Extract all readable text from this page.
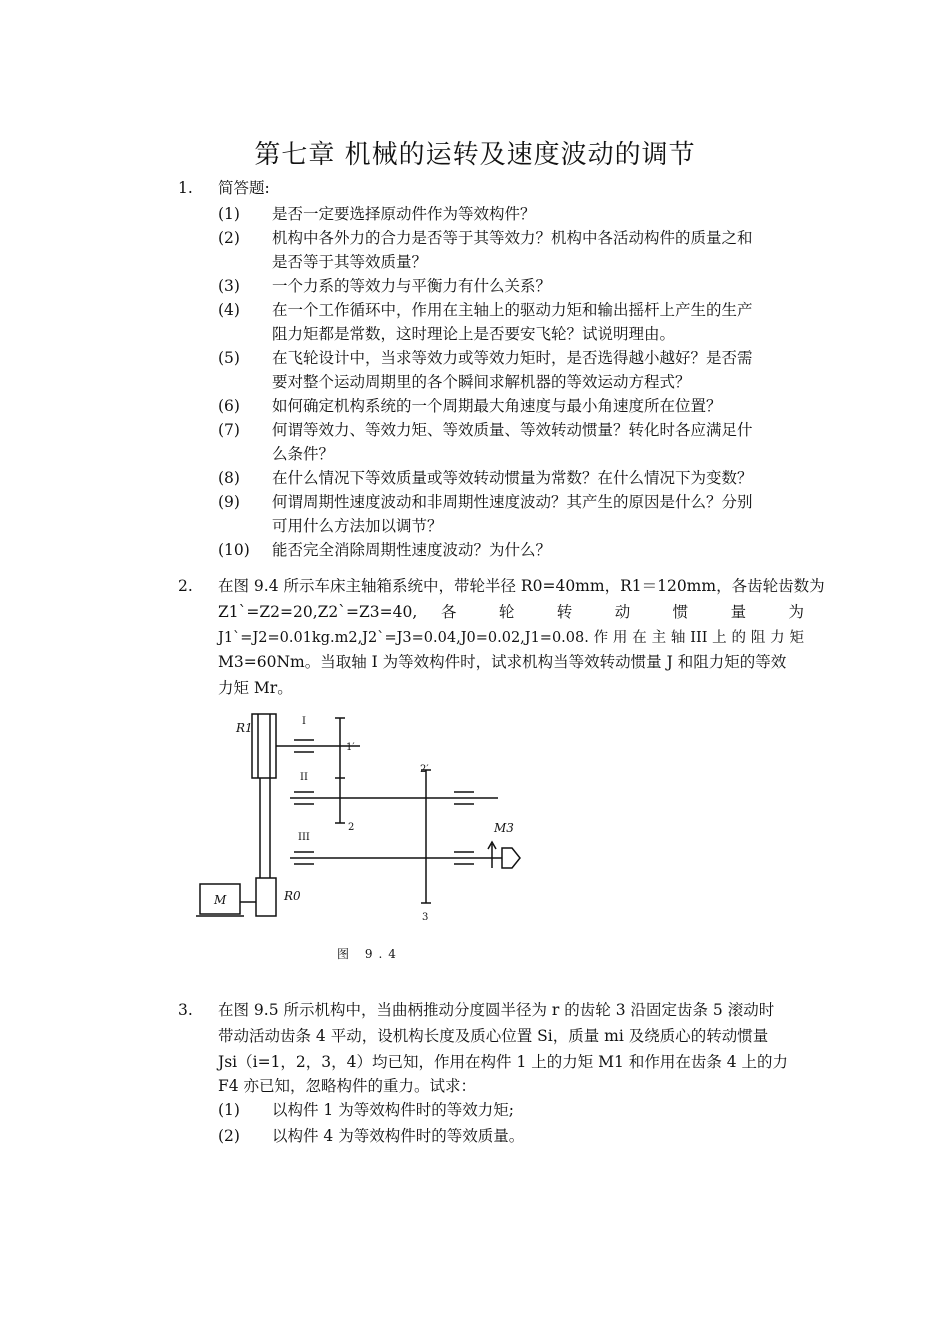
第七章 机械的运转及速度波动的调节
1. 简答题:
(1) 是否一定要选择原动件作为等效构件？
(2) 机构中各外力的合力是否等于其等效力？机构中各活动构件的质量之和
是否等于其等效质量？
(3) 一个力系的等效力与平衡力有什么关系？
(4) 在一个工作循环中，作用在主轴上的驱动力矩和输出摇杆上产生的生产
阻力矩都是常数，这时理论上是否要安飞轮？试说明理由。
(5) 在飞轮设计中，当求等效力或等效力矩时，是否选得越小越好？是否需
要对整个运动周期里的各个瞬间求解机器的等效运动方程式？
(6) 如何确定机构系统的一个周期最大角速度与最小角速度所在位置？
(7) 何谓等效力、等效力矩、等效质量、等效转动惯量？转化时各应满足什
么条件？
(8) 在什么情况下等效质量或等效转动惯量为常数？在什么情况下为变数？
(9) 何谓周期性速度波动和非周期性速度波动？其产生的原因是什么？分别
可用什么方法加以调节？
(10) 能否完全消除周期性速度波动？为什么？
2. 在图 9.4 所示车床主轴箱系统中，带轮半径 R0=40mm，R1＝120mm，各齿轮齿数为
Z1`=Z2=20,Z2`=Z3=40, 各 轮 转 动 惯 量 为
J1`=J2=0.01kg.m2,J2`=J3=0.04,J0=0.02,J1=0.08. 作 用 在 主 轴 III 上 的 阻 力 矩
M3=60Nm。当取轴 I 为等效构件时，试求机构当等效转动惯量 J 和阻力矩的等效
力矩 Mr。
R1
R0
M
M3
I
II
III
1′
2
2′
3
图 9.4
3. 在图 9.5 所示机构中，当曲柄推动分度圆半径为 r 的齿轮 3 沿固定齿条 5 滚动时
带动活动齿条 4 平动，设机构长度及质心位置 Si，质量 mi 及绕质心的转动惯量
Jsi（i=1，2，3，4）均已知，作用在构件 1 上的力矩 M1 和作用在齿条 4 上的力
F4 亦已知，忽略构件的重力。试求：
(1) 以构件 1 为等效构件时的等效力矩;
(2) 以构件 4 为等效构件时的等效质量。
